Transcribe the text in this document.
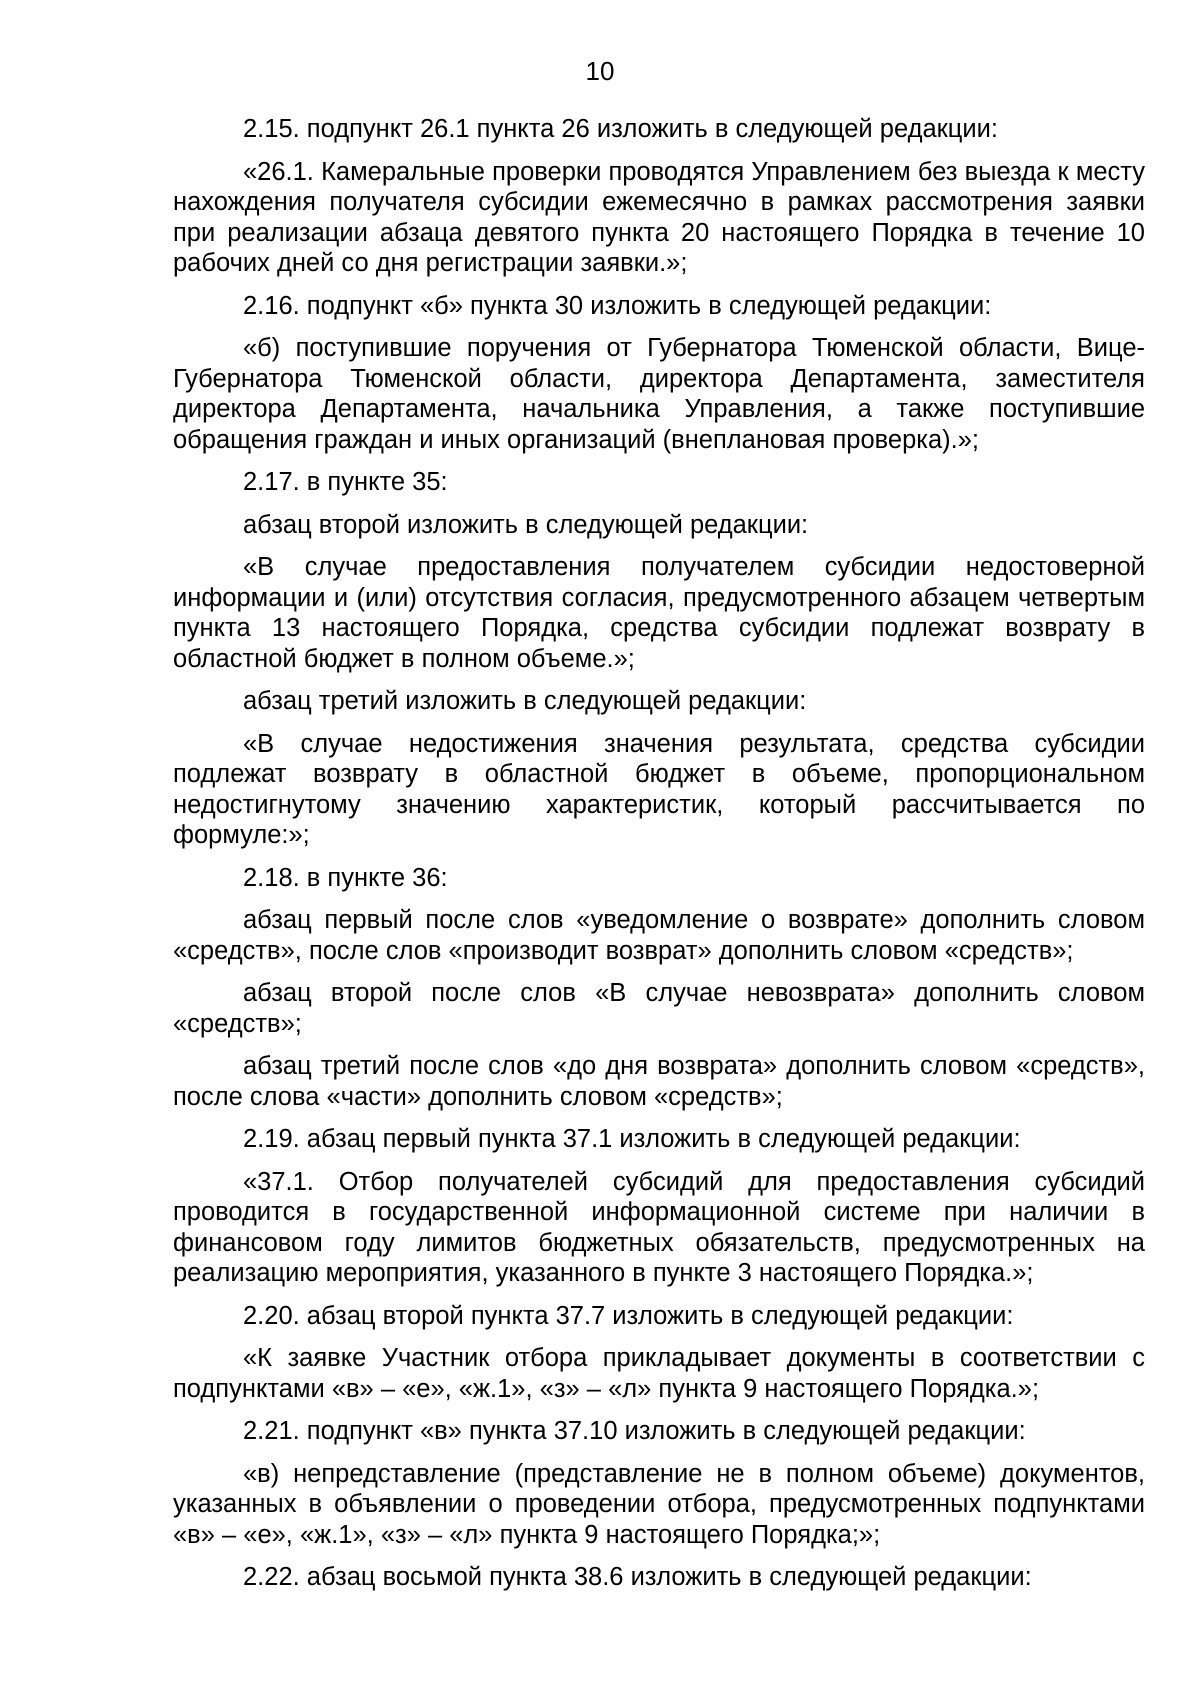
10

2.15. подпункт 26.1 пункта 26 изложить в следующей редакции:

«26.1. Камеральные проверки проводятся Управлением без выезда к месту нахождения получателя субсидии ежемесячно в рамках рассмотрения заявки при реализации абзаца девятого пункта 20 настоящего Порядка в течение 10 рабочих дней со дня регистрации заявки.»;

2.16. подпункт «б» пункта 30 изложить в следующей редакции:

«б) поступившие поручения от Губернатора Тюменской области, Вице-Губернатора Тюменской области, директора Департамента, заместителя директора Департамента, начальника Управления, а также поступившие обращения граждан и иных организаций (внеплановая проверка).»;

2.17. в пункте 35:

абзац второй изложить в следующей редакции:

«В случае предоставления получателем субсидии недостоверной информации и (или) отсутствия согласия, предусмотренного абзацем четвертым пункта 13 настоящего Порядка, средства субсидии подлежат возврату в областной бюджет в полном объеме.»;

абзац третий изложить в следующей редакции:

«В случае недостижения значения результата, средства субсидии подлежат возврату в областной бюджет в объеме, пропорциональном недостигнутому значению характеристик, который рассчитывается по формуле:»;

2.18. в пункте 36:

абзац первый после слов «уведомление о возврате» дополнить словом «средств», после слов «производит возврат» дополнить словом «средств»;

абзац второй после слов «В случае невозврата» дополнить словом «средств»;

абзац третий после слов «до дня возврата» дополнить словом «средств», после слова «части» дополнить словом «средств»;

2.19. абзац первый пункта 37.1 изложить в следующей редакции:

«37.1. Отбор получателей субсидий для предоставления субсидий проводится в государственной информационной системе при наличии в финансовом году лимитов бюджетных обязательств, предусмотренных на реализацию мероприятия, указанного в пункте 3 настоящего Порядка.»;

2.20. абзац второй пункта 37.7 изложить в следующей редакции:

«К заявке Участник отбора прикладывает документы в соответствии с подпунктами «в» – «е», «ж.1», «з» – «л» пункта 9 настоящего Порядка.»;

2.21. подпункт «в» пункта 37.10 изложить в следующей редакции:

«в) непредставление (представление не в полном объеме) документов, указанных в объявлении о проведении отбора, предусмотренных подпунктами «в» – «е», «ж.1», «з» – «л» пункта 9 настоящего Порядка;»;

2.22. абзац восьмой пункта 38.6 изложить в следующей редакции:
